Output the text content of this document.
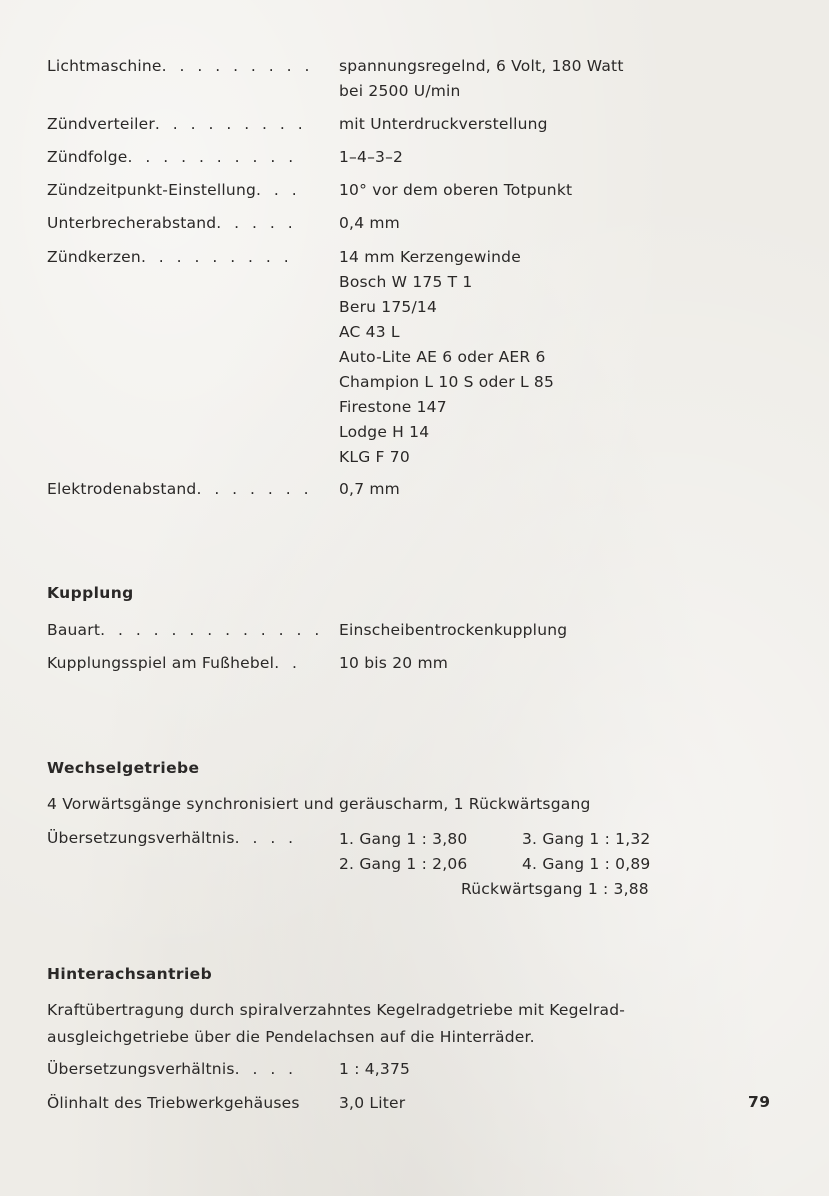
Lichtmaschine. . . . . . . . .	spannungsregelnd, 6 Volt, 180 Watt
bei 2500 U/min
Zündverteiler. . . . . . . . .	mit Unterdruckverstellung
Zündfolge. . . . . . . . . .	1–4–3–2
Zündzeitpunkt-Einstellung. . .	10° vor dem oberen Totpunkt
Unterbrecherabstand. . . . .	0,4 mm
Zündkerzen. . . . . . . . .	14 mm Kerzengewinde
Bosch W 175 T 1
Beru 175/14
AC 43 L
Auto-Lite AE 6 oder AER 6
Champion L 10 S oder L 85
Firestone 147
Lodge H 14
KLG F 70
Elektrodenabstand. . . . . . .	0,7 mm
Kupplung
Bauart. . . . . . . . . . . . . Einscheibentrockenkupplung
Kupplungsspiel am Fußhebel. .	10 bis 20 mm
Wechselgetriebe
4 Vorwärtsgänge synchronisiert und geräuscharm, 1 Rückwärtsgang
Übersetzungsverhältnis. . . .	1. Gang 1 : 3,80	3. Gang 1 : 1,32
2. Gang 1 : 2,06	4. Gang 1 : 0,89
Rückwärtsgang 1 : 3,88
Hinterachsantrieb
Kraftübertragung durch spiralverzahntes Kegelradgetriebe mit Kegelrad-
ausgleichgetriebe über die Pendelachsen auf die Hinterräder.
Übersetzungsverhältnis. . . .	1 : 4,375
Ölinhalt des Triebwerkgehäuses	3,0 Liter	79
